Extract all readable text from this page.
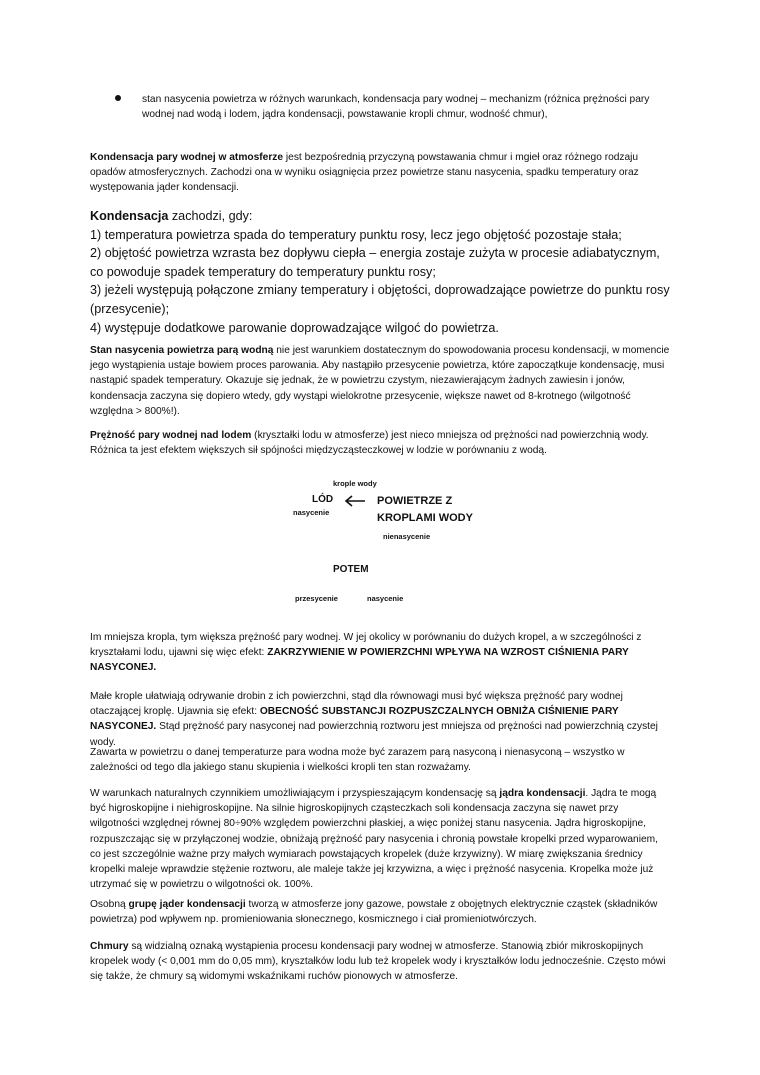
stan nasycenia powietrza w różnych warunkach, kondensacja pary wodnej – mechanizm (różnica prężności pary wodnej nad wodą i lodem, jądra kondensacji, powstawanie kropli chmur, wodność chmur),

Kondensacja pary wodnej w atmosferze jest bezpośrednią przyczyną powstawania chmur i mgieł oraz różnego rodzaju opadów atmosferycznych. Zachodzi ona w wyniku osiągnięcia przez powietrze stanu nasycenia, spadku temperatury oraz występowania jąder kondensacji.

Kondensacja zachodzi, gdy:
1) temperatura powietrza spada do temperatury punktu rosy, lecz jego objętość pozostaje stała;
2) objętość powietrza wzrasta bez dopływu ciepła – energia zostaje zużyta w procesie adiabatycznym, co powoduje spadek temperatury do temperatury punktu rosy;
3) jeżeli występują połączone zmiany temperatury i objętości, doprowadzające powietrze do punktu rosy (przesycenie);
4) występuje dodatkowe parowanie doprowadzające wilgoć do powietrza.

Stan nasycenia powietrza parą wodną nie jest warunkiem dostatecznym do spowodowania procesu kondensacji, w momencie jego wystąpienia ustaje bowiem proces parowania. Aby nastąpiło przesycenie powietrza, które zapoczątkuje kondensację, musi nastąpić spadek temperatury. Okazuje się jednak, że w powietrzu czystym, niezawierającym żadnych zawiesin i jonów, kondensacja zaczyna się dopiero wtedy, gdy wystąpi wielokrotne przesycenie, większe nawet od 8-krotnego (wilgotność względna > 800%!).

Prężność pary wodnej nad lodem (kryształki lodu w atmosferze) jest nieco mniejsza od prężności nad powierzchnią wody. Różnica ta jest efektem większych sił spójności międzycząsteczkowej w lodzie w porównaniu z wodą.

krople wody
LÓD	POWIETRZE Z
nasycenie	KROPLAMI WODY
nienasycenie
POTEM
przesycenie	nasycenie

Im mniejsza kropla, tym większa prężność pary wodnej. W jej okolicy w porównaniu do dużych kropel, a w szczególności z kryształami lodu, ujawni się więc efekt: ZAKRZYWIENIE W POWIERZCHNI WPŁYWA NA WZROST CIŚNIENIA PARY NASYCONEJ.

Małe krople ułatwiają odrywanie drobin z ich powierzchni, stąd dla równowagi musi być większa prężność pary wodnej otaczającej kroplę. Ujawnia się efekt: OBECNOŚĆ SUBSTANCJI ROZPUSZCZALNYCH OBNIŻA CIŚNIENIE PARY NASYCONEJ. Stąd prężność pary nasyconej nad powierzchnią roztworu jest mniejsza od prężności nad powierzchnią czystej wody.

Zawarta w powietrzu o danej temperaturze para wodna może być zarazem parą nasyconą i nienasyconą – wszystko w zależności od tego dla jakiego stanu skupienia i wielkości kropli ten stan rozważamy.

W warunkach naturalnych czynnikiem umożliwiającym i przyspieszającym kondensację są jądra kondensacji. Jądra te mogą być higroskopijne i niehigroskopijne. Na silnie higroskopijnych cząsteczkach soli kondensacja zaczyna się nawet przy wilgotności względnej równej 80÷90% względem powierzchni płaskiej, a więc poniżej stanu nasycenia. Jądra higroskopijne, rozpuszczając się w przyłączonej wodzie, obniżają prężność pary nasycenia i chronią powstałe kropelki przed wyparowaniem, co jest szczególnie ważne przy małych wymiarach powstających kropelek (duże krzywizny). W miarę zwiększania średnicy kropelki maleje wprawdzie stężenie roztworu, ale maleje także jej krzywizna, a więc i prężność nasycenia. Kropelka może już utrzymać się w powietrzu o wilgotności ok. 100%.

Osobną grupę jąder kondensacji tworzą w atmosferze jony gazowe, powstałe z obojętnych elektrycznie cząstek (składników powietrza) pod wpływem np. promieniowania słonecznego, kosmicznego i ciał promieniotwórczych.

Chmury są widzialną oznaką wystąpienia procesu kondensacji pary wodnej w atmosferze. Stanowią zbiór mikroskopijnych kropelek wody (< 0,001 mm do 0,05 mm), kryształków lodu lub też kropelek wody i kryształków lodu jednocześnie. Często mówi się także, że chmury są widomymi wskaźnikami ruchów pionowych w atmosferze.
